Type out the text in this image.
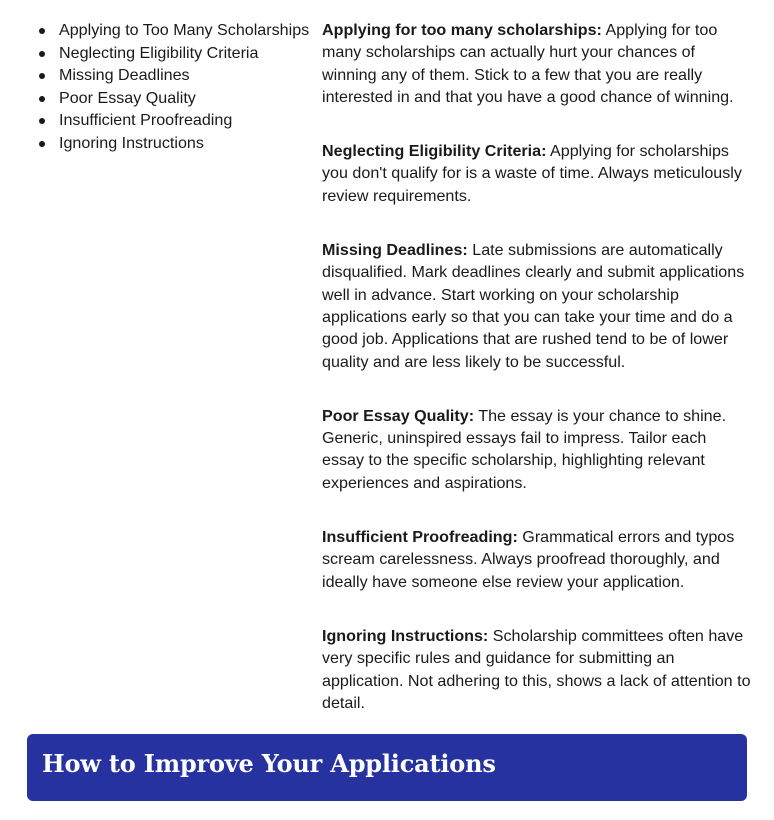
Applying to Too Many Scholarships
Neglecting Eligibility Criteria
Missing Deadlines
Poor Essay Quality
Insufficient Proofreading
Ignoring Instructions

Applying for too many scholarships: Applying for too many scholarships can actually hurt your chances of winning any of them. Stick to a few that you are really interested in and that you have a good chance of winning.

Neglecting Eligibility Criteria: Applying for scholarships you don't qualify for is a waste of time. Always meticulously review requirements.

Missing Deadlines: Late submissions are automatically disqualified. Mark deadlines clearly and submit applications well in advance. Start working on your scholarship applications early so that you can take your time and do a good job. Applications that are rushed tend to be of lower quality and are less likely to be successful.

Poor Essay Quality: The essay is your chance to shine. Generic, uninspired essays fail to impress. Tailor each essay to the specific scholarship, highlighting relevant experiences and aspirations.

Insufficient Proofreading: Grammatical errors and typos scream carelessness. Always proofread thoroughly, and ideally have someone else review your application.

Ignoring Instructions: Scholarship committees often have very specific rules and guidance for submitting an application. Not adhering to this, shows a lack of attention to detail.

How to Improve Your Applications
